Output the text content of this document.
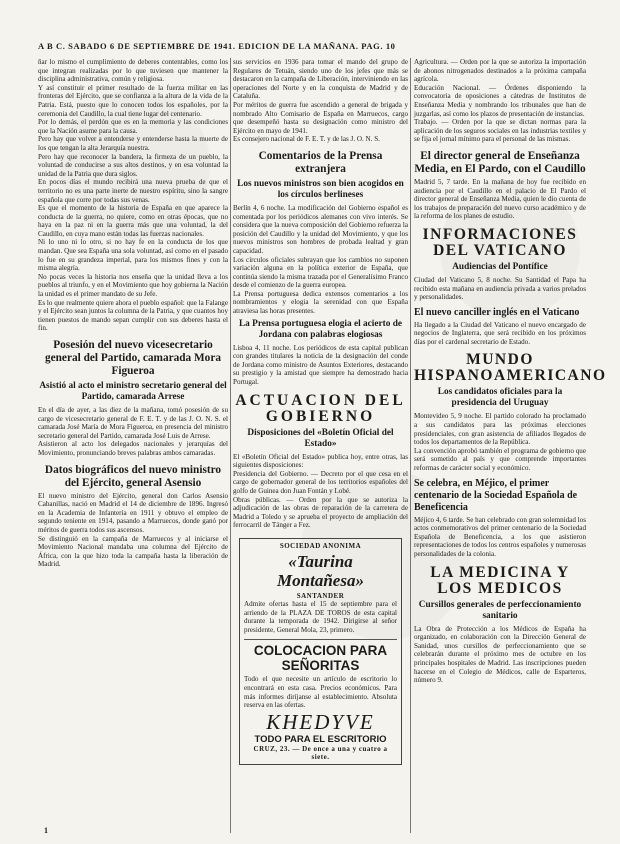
A B C. SABADO 6 DE SEPTIEMBRE DE 1941. EDICION DE LA MAÑANA. PAG. 10

ñar lo mismo el cumplimiento de deberes contentables, como los que integran realizadas por lo que tuviesen que mantener la disciplina administrativa, común y religiosa.

Y así constituir el primer resultado de la fuerza militar en las fronteras del Ejército, que se confianza a la altura de la vida de la Patria. Está, puesto que lo conocen todos los españoles, por la ceremonia del Caudillo, la cual tiene lugar del centenario.

Por lo demás, el perdón que es en la memoria y las condiciones que la Nación asume para la causa.

Pero hay que volver a entenderse y entenderse hasta la muerte de los que tengan la alta Jerarquía nuestra.

Pero hay que reconocer la bandera, la firmeza de un pueblo, la voluntad de conducirse a sus altos destinos, y en esa voluntad la unidad de la Patria que dura siglos.

En pocos días el mundo recibirá una nueva prueba de que el territorio no es una parte inerte de nuestro espíritu, sino la sangre española que corre por todas sus venas.

Es que el momento de la historia de España en que aparece la conducta de la guerra, no quiere, como en otras épocas, que no haya en la paz ni en la guerra más que una voluntad, la del Caudillo, en cuya mano están todas las fuerzas nacionales.

Ni lo uno ni lo otro, si no hay fe en la conducta de los que mandan. Que sea España una sola voluntad, así como en el pasado lo fue en su grandeza imperial, para los mismos fines y con la misma alegría.

No pocas veces la historia nos enseña que la unidad lleva a los pueblos al triunfo, y en el Movimiento que hoy gobierna la Nación la unidad es el primer mandato de su Jefe.

Es lo que realmente quiere ahora el pueblo español: que la Falange y el Ejército sean juntos la columna de la Patria, y que cuantos hoy tienen puestos de mando sepan cumplir con sus deberes hasta el fin.

Posesión del nuevo vicesecretario general del Partido, camarada Mora Figueroa
Asistió al acto el ministro secretario general del Partido, camarada Arrese

En el día de ayer, a las diez de la mañana, tomó posesión de su cargo de vicesecretario general de F. E. T. y de las J. O. N. S. el camarada José María de Mora Figueroa, en presencia del ministro secretario general del Partido, camarada José Luis de Arrese.

Asistieron al acto los delegados nacionales y jerarquías del Movimiento, pronunciando breves palabras ambos camaradas.

Datos biográficos del nuevo ministro del Ejército, general Asensio

El nuevo ministro del Ejército, general don Carlos Asensio Cabanillas, nació en Madrid el 14 de diciembre de 1896. Ingresó en la Academia de Infantería en 1911 y obtuvo el empleo de segundo teniente en 1914, pasando a Marruecos, donde ganó por méritos de guerra todos sus ascensos.

Se distinguió en la campaña de Marruecos y al iniciarse el Movimiento Nacional mandaba una columna del Ejército de África, con la que hizo toda la campaña hasta la liberación de Madrid.

sus servicios en 1936 para tomar el mando del grupo de Regulares de Tetuán, siendo uno de los jefes que más se destacaron en la campaña de Liberación, interviniendo en las operaciones del Norte y en la conquista de Madrid y de Cataluña.

Por méritos de guerra fue ascendido a general de brigada y nombrado Alto Comisario de España en Marruecos, cargo que desempeñó hasta su designación como ministro del Ejército en mayo de 1941.

Es consejero nacional de F. E. T. y de las J. O. N. S.

Comentarios de la Prensa extranjera
Los nuevos ministros son bien acogidos en los círculos berlineses

Berlín 4, 6 noche. La modificación del Gobierno español es comentada por los periódicos alemanes con vivo interés. Se considera que la nueva composición del Gobierno refuerza la posición del Caudillo y la unidad del Movimiento, y que los nuevos ministros son hombres de probada lealtad y gran capacidad.

Los círculos oficiales subrayan que los cambios no suponen variación alguna en la política exterior de España, que continúa siendo la misma trazada por el Generalísimo Franco desde el comienzo de la guerra europea.

La Prensa portuguesa dedica extensos comentarios a los nombramientos y elogia la serenidad con que España atraviesa las horas presentes.

La Prensa portuguesa elogia el acierto de Jordana con palabras elogiosas

Lisboa 4, 11 noche. Los periódicos de esta capital publican con grandes titulares la noticia de la designación del conde de Jordana como ministro de Asuntos Exteriores, destacando su prestigio y la amistad que siempre ha demostrado hacia Portugal.

ACTUACION DEL GOBIERNO
Disposiciones del «Boletín Oficial del Estado»

El «Boletín Oficial del Estado» publica hoy, entre otras, las siguientes disposiciones:

Presidencia del Gobierno. — Decreto por el que cesa en el cargo de gobernador general de los territorios españoles del golfo de Guinea don Juan Fontán y Lobé.

Obras públicas. — Orden por la que se autoriza la adjudicación de las obras de reparación de la carretera de Madrid a Toledo y se aprueba el proyecto de ampliación del ferrocarril de Tánger a Fez.

SOCIEDAD ANONIMA
«Taurina Montañesa»
SANTANDER

Admite ofertas hasta el 15 de septiembre para el arriendo de la PLAZA DE TOROS de esta capital durante la temporada de 1942. Dirigirse al señor presidente, General Mola, 23, primero.

COLOCACION PARA SEÑORITAS

Todo el que necesite un artículo de escritorio lo encontrará en esta casa. Precios económicos. Para más informes diríjanse al establecimiento. Absoluta reserva en las ofertas.

KHEDYVE
TODO PARA EL ESCRITORIO
CRUZ, 23. — De once a una y cuatro a siete.

Agricultura. — Orden por la que se autoriza la importación de abonos nitrogenados destinados a la próxima campaña agrícola.

Educación Nacional. — Órdenes disponiendo la convocatoria de oposiciones a cátedras de Institutos de Enseñanza Media y nombrando los tribunales que han de juzgarlas, así como los plazos de presentación de instancias.

Trabajo. — Orden por la que se dictan normas para la aplicación de los seguros sociales en las industrias textiles y se fija el jornal mínimo para el personal de las mismas.

El director general de Enseñanza Media, en El Pardo, con el Caudillo

Madrid 5, 7 tarde. En la mañana de hoy fue recibido en audiencia por el Caudillo en el palacio de El Pardo el director general de Enseñanza Media, quien le dio cuenta de los trabajos de preparación del nuevo curso académico y de la reforma de los planes de estudio.

INFORMACIONES DEL VATICANO
Audiencias del Pontífice

Ciudad del Vaticano 5, 8 noche. Su Santidad el Papa ha recibido esta mañana en audiencia privada a varios prelados y personalidades.

El nuevo canciller inglés en el Vaticano

Ha llegado a la Ciudad del Vaticano el nuevo encargado de negocios de Inglaterra, que será recibido en los próximos días por el cardenal secretario de Estado.

MUNDO HISPANOAMERICANO
Los candidatos oficiales para la presidencia del Uruguay

Montevideo 5, 9 noche. El partido colorado ha proclamado a sus candidatos para las próximas elecciones presidenciales, con gran asistencia de afiliados llegados de todos los departamentos de la República.

La convención aprobó también el programa de gobierno que será sometido al país y que comprende importantes reformas de carácter social y económico.

Se celebra, en Méjico, el primer centenario de la Sociedad Española de Beneficencia

Méjico 4, 6 tarde. Se han celebrado con gran solemnidad los actos conmemorativos del primer centenario de la Sociedad Española de Beneficencia, a los que asistieron representaciones de todos los centros españoles y numerosas personalidades de la colonia.

LA MEDICINA Y LOS MEDICOS
Cursillos generales de perfeccionamiento sanitario

La Obra de Protección a los Médicos de España ha organizado, en colaboración con la Dirección General de Sanidad, unos cursillos de perfeccionamiento que se celebrarán durante el próximo mes de octubre en los principales hospitales de Madrid. Las inscripciones pueden hacerse en el Colegio de Médicos, calle de Esparteros, número 9.

1
